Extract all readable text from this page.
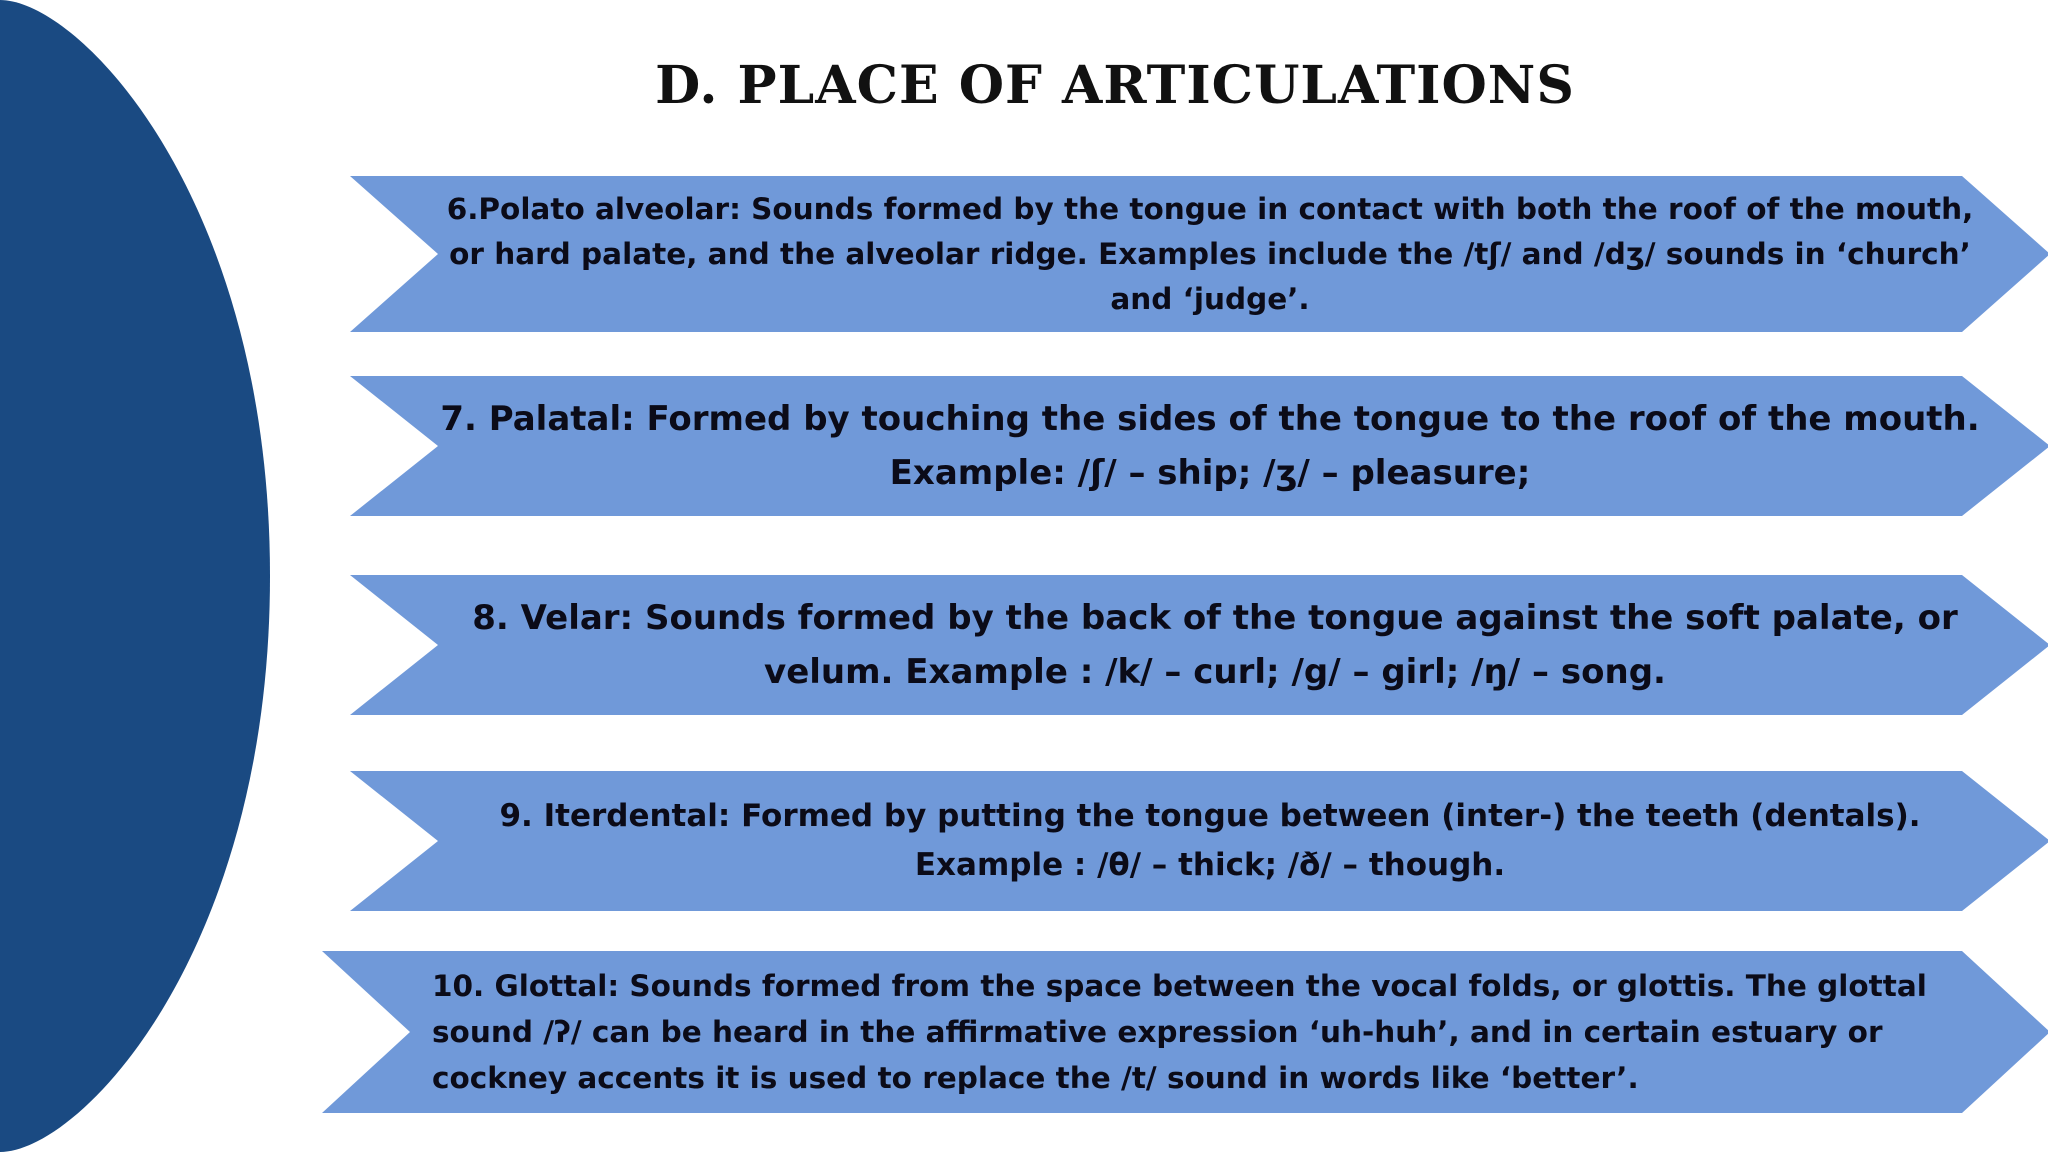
D. PLACE OF ARTICULATIONS

6.Polato alveolar: Sounds formed by the tongue in contact with both the roof of the mouth,
or hard palate, and the alveolar ridge. Examples include the /tʃ/ and /dʒ/ sounds in ‘church’
and ‘judge’.

7. Palatal: Formed by touching the sides of the tongue to the roof of the mouth.
Example: /ʃ/ – ship; /ʒ/ – pleasure;

8. Velar: Sounds formed by the back of the tongue against the soft palate, or
velum. Example : /k/ – curl; /g/ – girl; /ŋ/ – song.

9. Iterdental: Formed by putting the tongue between (inter-) the teeth (dentals).
Example : /θ/ – thick; /ð/ – though.

10. Glottal: Sounds formed from the space between the vocal folds, or glottis. The glottal
sound /ʔ/ can be heard in the affirmative expression ‘uh-huh’, and in certain estuary or
cockney accents it is used to replace the /t/ sound in words like ‘better’.
